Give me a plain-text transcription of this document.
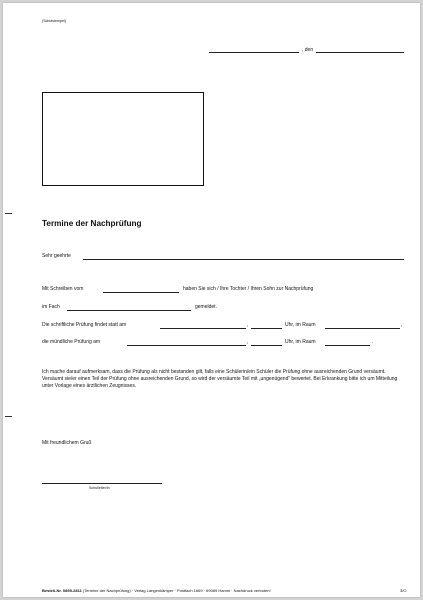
(Schulstempel)
, den
Termine der Nachprüfung
Sehr geehrte
Mit Schreiben vom	haben Sie sich / Ihre Tochter / Ihren Sohn zur Nachprüfung
im Fach	gemeldet.
Die schriftliche Prüfung findet statt am	,	Uhr, im Raum	,
die mündliche Prüfung am	,	Uhr, im Raum	.
Ich mache darauf aufmerksam, dass die Prüfung als nicht bestanden gilt, falls eine Schülerin/ein Schüler die Prüfung ohne ausreichenden Grund versäumt. Versäumt sie/er einen Teil der Prüfung ohne ausreichenden Grund, so wird der versäumte Teil mit „ungenügend“ bewertet. Bei Erkrankung bitte ich um Mitteilung unter Vorlage eines ärztlichen Zeugnisses.
Mit freundlichem Gruß
Schulleiter/in
Bestell-Nr. 0895-2811 (Termine der Nachprüfung) · Verlag Langenkämper · Postfach 1669 · 69089 Hamm · Nachdruck verboten!	3/O
